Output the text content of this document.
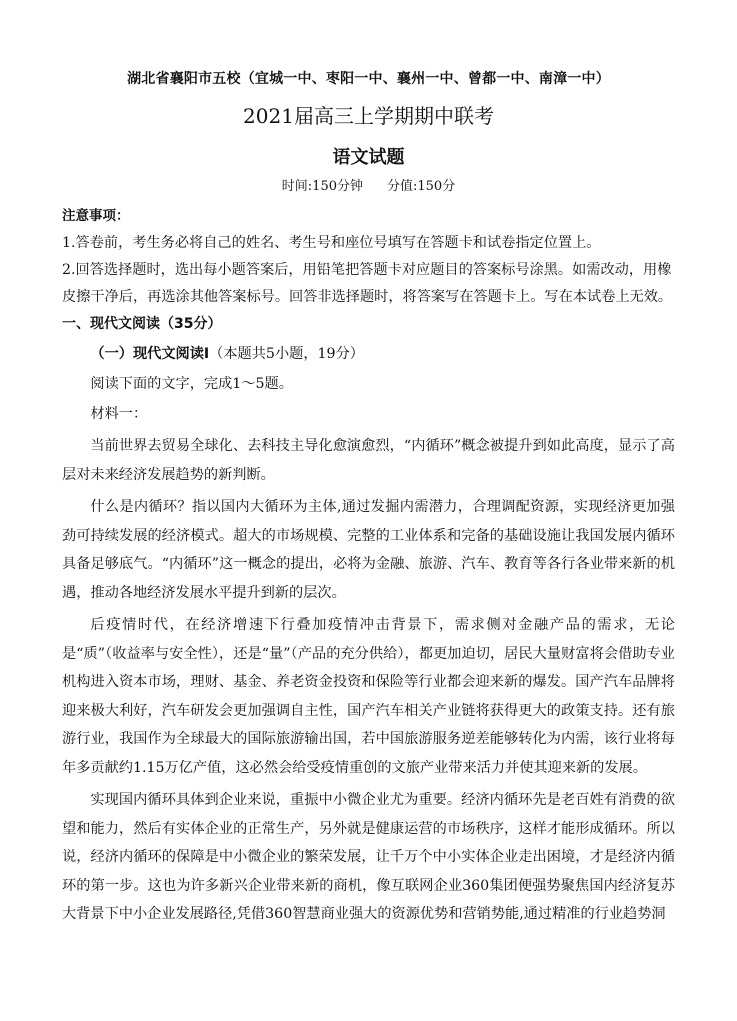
湖北省襄阳市五校（宜城一中、枣阳一中、襄州一中、曾都一中、南漳一中）
2021届高三上学期期中联考
语文试题
时间:150分钟 分值:150分
注意事项：

1.答卷前，考生务必将自己的姓名、考生号和座位号填写在答题卡和试卷指定位置上。

2.回答选择题时，选出每小题答案后，用铅笔把答题卡对应题目的答案标号涂黑。如需改动，用橡皮擦干净后，再选涂其他答案标号。回答非选择题时，将答案写在答题卡上。写在本试卷上无效。

一、现代文阅读（35分）

（一）现代文阅读Ⅰ（本题共5小题，19分）

阅读下面的文字，完成1～5题。

材料一：

当前世界去贸易全球化、去科技主导化愈演愈烈，“内循环”概念被提升到如此高度，显示了高层对未来经济发展趋势的新判断。

什么是内循环？指以国内大循环为主体,通过发掘内需潜力，合理调配资源，实现经济更加强劲可持续发展的经济模式。超大的市场规模、完整的工业体系和完备的基础设施让我国发展内循环具备足够底气。“内循环”这一概念的提出，必将为金融、旅游、汽车、教育等各行各业带来新的机遇，推动各地经济发展水平提升到新的层次。

后疫情时代，在经济增速下行叠加疫情冲击背景下，需求侧对金融产品的需求，无论是“质”（收益率与安全性），还是“量”（产品的充分供给），都更加迫切，居民大量财富将会借助专业机构进入资本市场，理财、基金、养老资金投资和保险等行业都会迎来新的爆发。国产汽车品牌将迎来极大利好，汽车研发会更加强调自主性，国产汽车相关产业链将获得更大的政策支持。还有旅游行业，我国作为全球最大的国际旅游输出国，若中国旅游服务逆差能够转化为内需，该行业将每年多贡献约1.15万亿产值，这必然会给受疫情重创的文旅产业带来活力并使其迎来新的发展。

实现国内循环具体到企业来说，重振中小微企业尤为重要。经济内循环先是老百姓有消费的欲望和能力，然后有实体企业的正常生产，另外就是健康运营的市场秩序，这样才能形成循环。所以说，经济内循环的保障是中小微企业的繁荣发展，让千万个中小实体企业走出困境，才是经济内循环的第一步。这也为许多新兴企业带来新的商机，像互联网企业360集团便强势聚焦国内经济复苏大背景下中小企业发展路径,凭借360智慧商业强大的资源优势和营销势能,通过精准的行业趋势洞
